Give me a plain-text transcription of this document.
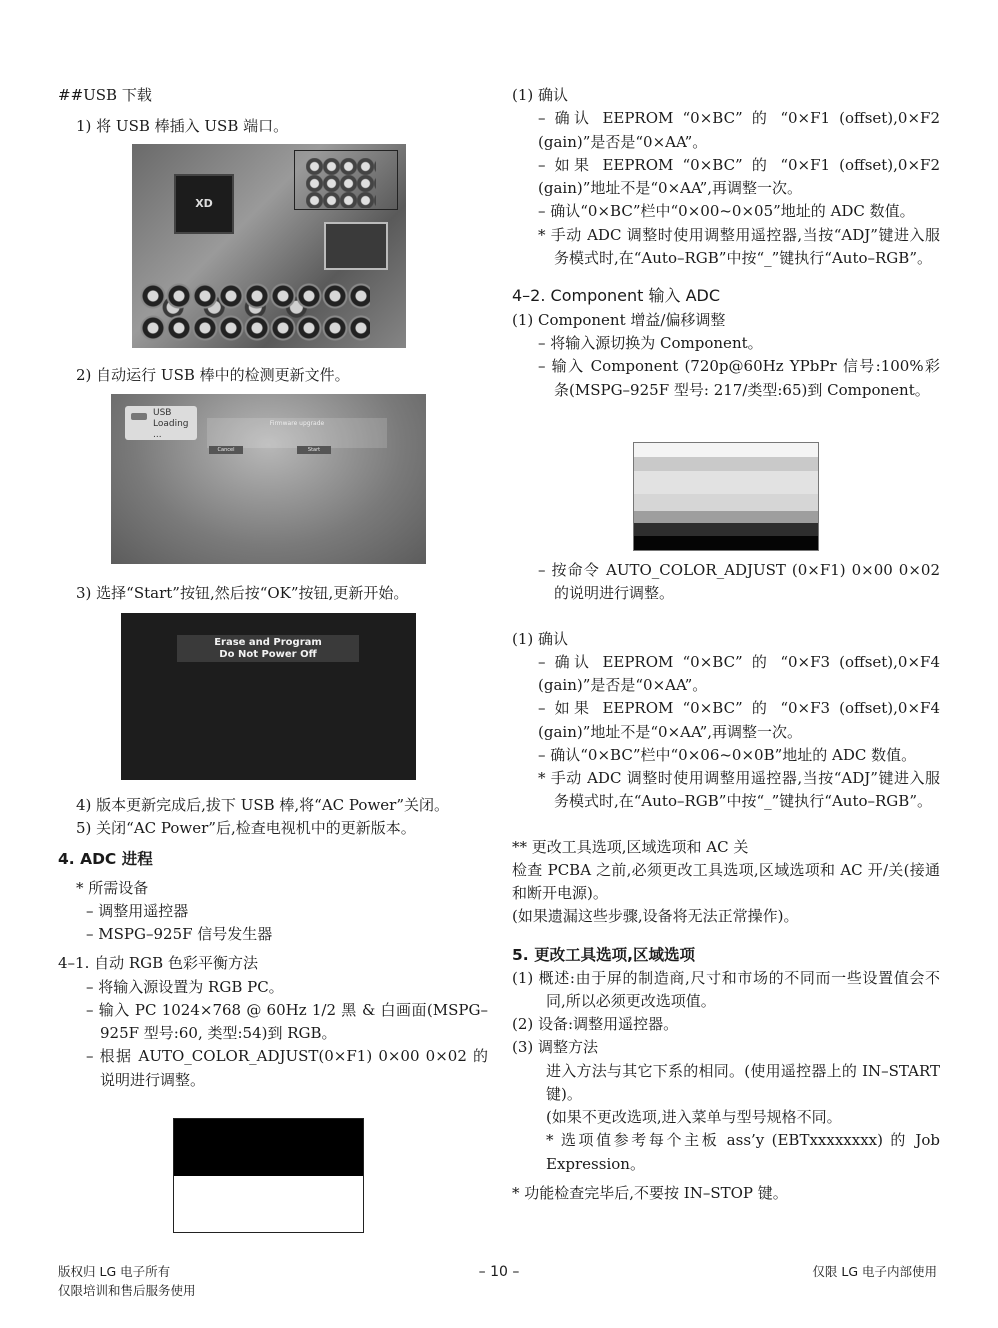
##USB 下载

1) 将 USB 棒插入 USB 端口。

XD

2) 自动运行 USB 棒中的检测更新文件。

USB
Loading ...
Firmware upgrade
Cancel	Start

3) 选择“Start”按钮,然后按“OK”按钮,更新开始。

Erase and Program
Do Not Power Off

4) 版本更新完成后,拔下 USB 棒,将“AC Power”关闭。

5) 关闭“AC Power”后,检查电视机中的更新版本。

4. ADC 进程

* 所需设备

– 调整用遥控器

– MSPG–925F 信号发生器

4–1. 自动 RGB 色彩平衡方法

– 将输入源设置为 RGB PC。

– 输入 PC 1024×768 @ 60Hz 1/2 黑 & 白画面(MSPG–925F 型号:60, 类型:54)到 RGB。

– 根据 AUTO_COLOR_ADJUST(0×F1) 0×00 0×02 的说明进行调整。

(1) 确认

– 确认 EEPROM “0×BC” 的 “0×F1 (offset),0×F2 (gain)”是否是“0×AA”。

– 如果 EEPROM “0×BC” 的 “0×F1 (offset),0×F2 (gain)”地址不是“0×AA”,再调整一次。

– 确认“0×BC”栏中“0×00~0×05”地址的 ADC 数值。

* 手动 ADC 调整时使用调整用遥控器,当按“ADJ”键进入服务模式时,在“Auto–RGB”中按“_”键执行“Auto–RGB”。

4–2. Component 输入 ADC

(1) Component 增益/偏移调整

– 将输入源切换为 Component。

– 输入 Component (720p@60Hz YPbPr 信号:100%彩条(MSPG–925F 型号: 217/类型:65)到 Component。

– 按命令 AUTO_COLOR_ADJUST (0×F1) 0×00 0×02 的说明进行调整。

(1) 确认

– 确认 EEPROM “0×BC” 的 “0×F3 (offset),0×F4 (gain)”是否是“0×AA”。

– 如果 EEPROM “0×BC” 的 “0×F3 (offset),0×F4 (gain)”地址不是“0×AA”,再调整一次。

– 确认“0×BC”栏中“0×06~0×0B”地址的 ADC 数值。

* 手动 ADC 调整时使用调整用遥控器,当按“ADJ”键进入服务模式时,在“Auto–RGB”中按“_”键执行“Auto–RGB”。

** 更改工具选项,区域选项和 AC 关

检查 PCBA 之前,必须更改工具选项,区域选项和 AC 开/关(接通和断开电源)。

(如果遗漏这些步骤,设备将无法正常操作)。

5. 更改工具选项,区域选项

(1) 概述:由于屏的制造商,尺寸和市场的不同而一些设置值会不同,所以必须更改选项值。

(2) 设备:调整用遥控器。

(3) 调整方法

进入方法与其它下系的相同。(使用遥控器上的 IN–START 键)。

(如果不更改选项,进入菜单与型号规格不同。

* 选项值参考每个主板 ass’y (EBTxxxxxxxx) 的 Job Expression。

* 功能检查完毕后,不要按 IN–STOP 键。

版权归 LG 电子所有
仅限培训和售后服务使用
– 10 –	仅限 LG 电子内部使用
